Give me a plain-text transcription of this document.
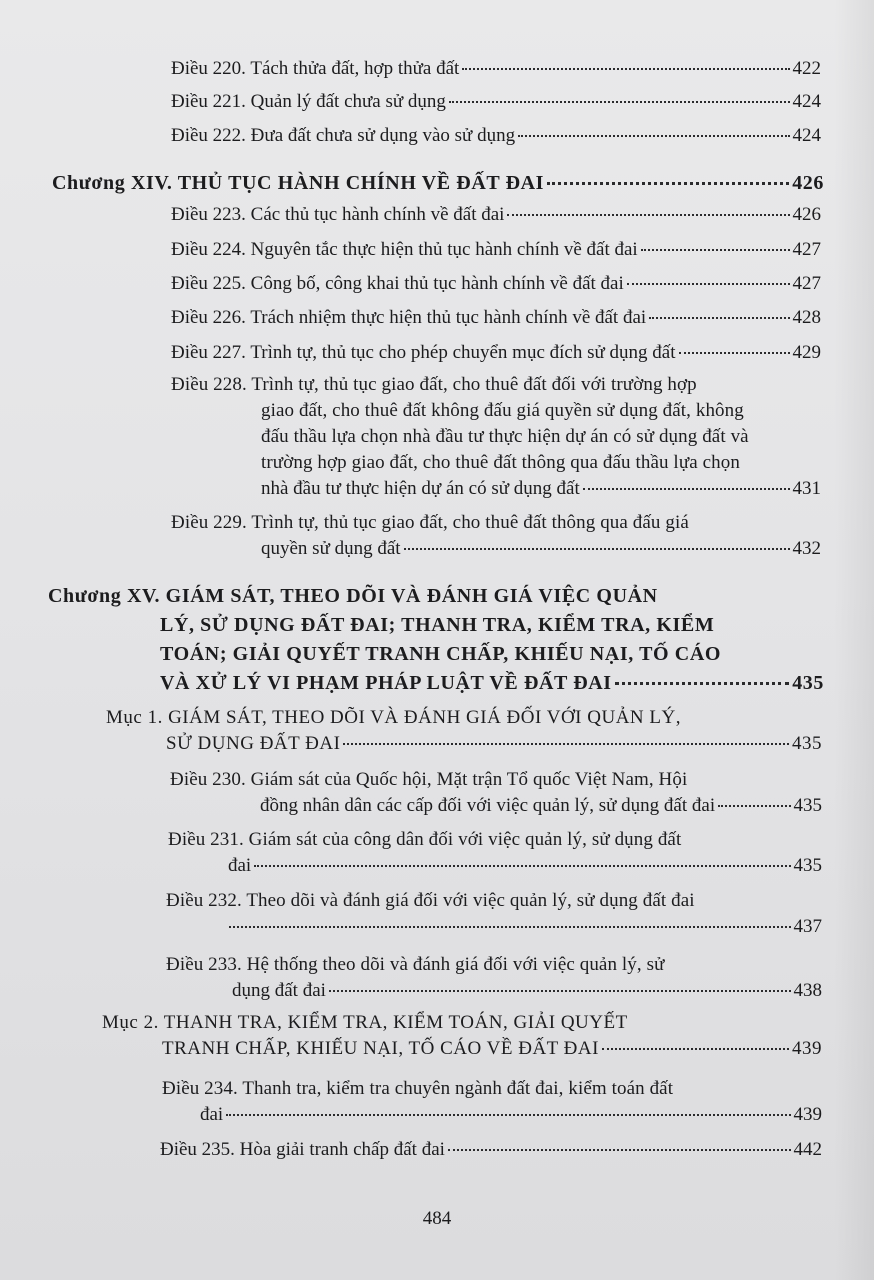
Điều 220. Tách thửa đất, hợp thửa đất	422
Điều 221. Quản lý đất chưa sử dụng	424
Điều 222. Đưa đất chưa sử dụng vào sử dụng	424
Chương XIV. THỦ TỤC HÀNH CHÍNH VỀ ĐẤT ĐAI	426
Điều 223. Các thủ tục hành chính về đất đai	426
Điều 224. Nguyên tắc thực hiện thủ tục hành chính về đất đai	427
Điều 225. Công bố, công khai thủ tục hành chính về đất đai	427
Điều 226. Trách nhiệm thực hiện thủ tục hành chính về đất đai	428
Điều 227. Trình tự, thủ tục cho phép chuyển mục đích sử dụng đất	429
Điều 228. Trình tự, thủ tục giao đất, cho thuê đất đối với trường hợp
giao đất, cho thuê đất không đấu giá quyền sử dụng đất, không
đấu thầu lựa chọn nhà đầu tư thực hiện dự án có sử dụng đất và
trường hợp giao đất, cho thuê đất thông qua đấu thầu lựa chọn
nhà đầu tư thực hiện dự án có sử dụng đất	431
Điều 229. Trình tự, thủ tục giao đất, cho thuê đất thông qua đấu giá
quyền sử dụng đất	432
Chương XV. GIÁM SÁT, THEO DÕI VÀ ĐÁNH GIÁ VIỆC QUẢN
LÝ, SỬ DỤNG ĐẤT ĐAI; THANH TRA, KIỂM TRA, KIỂM
TOÁN; GIẢI QUYẾT TRANH CHẤP, KHIẾU NẠI, TỐ CÁO
VÀ XỬ LÝ VI PHẠM PHÁP LUẬT VỀ ĐẤT ĐAI	435
Mục 1. GIÁM SÁT, THEO DÕI VÀ ĐÁNH GIÁ ĐỐI VỚI QUẢN LÝ,
SỬ DỤNG ĐẤT ĐAI	435
Điều 230. Giám sát của Quốc hội, Mặt trận Tổ quốc Việt Nam, Hội
đồng nhân dân các cấp đối với việc quản lý, sử dụng đất đai	435
Điều 231. Giám sát của công dân đối với việc quản lý, sử dụng đất
đai	435
Điều 232. Theo dõi và đánh giá đối với việc quản lý, sử dụng đất đai
437
Điều 233. Hệ thống theo dõi và đánh giá đối với việc quản lý, sử
dụng đất đai	438
Mục 2. THANH TRA, KIỂM TRA, KIỂM TOÁN, GIẢI QUYẾT
TRANH CHẤP, KHIẾU NẠI, TỐ CÁO VỀ ĐẤT ĐAI	439
Điều 234. Thanh tra, kiểm tra chuyên ngành đất đai, kiểm toán đất
đai	439
Điều 235. Hòa giải tranh chấp đất đai	442
484
